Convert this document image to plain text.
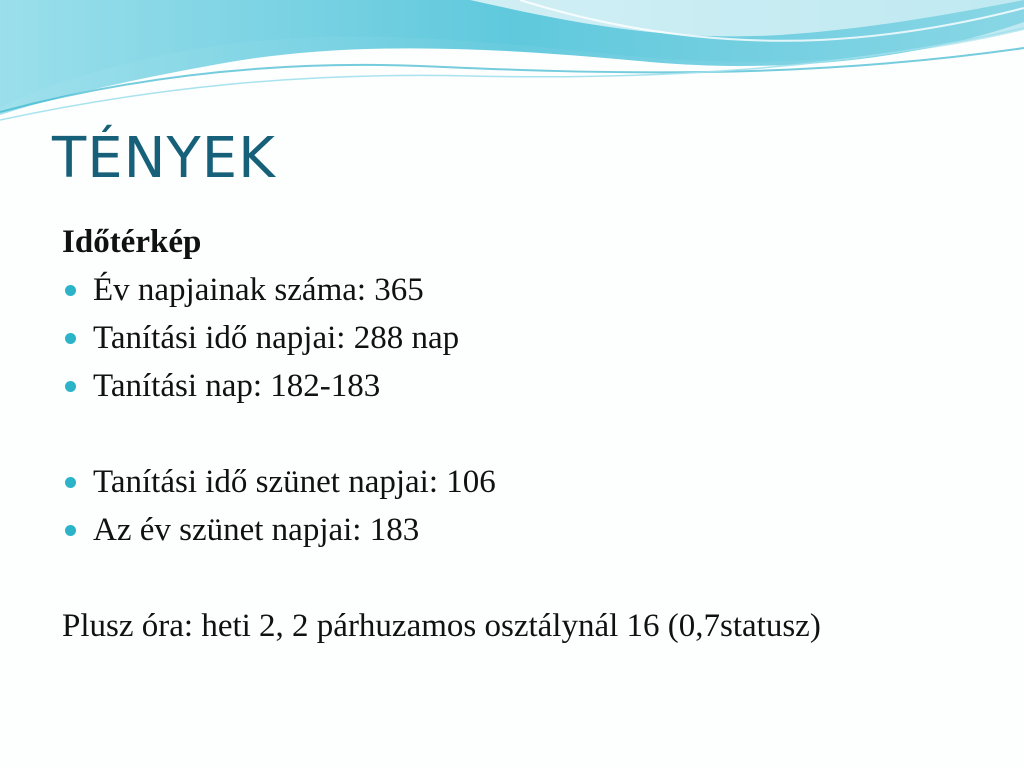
TÉNYEK
Időtérkép
Év napjainak száma: 365
Tanítási idő napjai: 288 nap
Tanítási nap: 182-183
Tanítási idő szünet napjai: 106
Az év szünet napjai: 183
Plusz óra: heti 2, 2 párhuzamos osztálynál 16 (0,7statusz)
